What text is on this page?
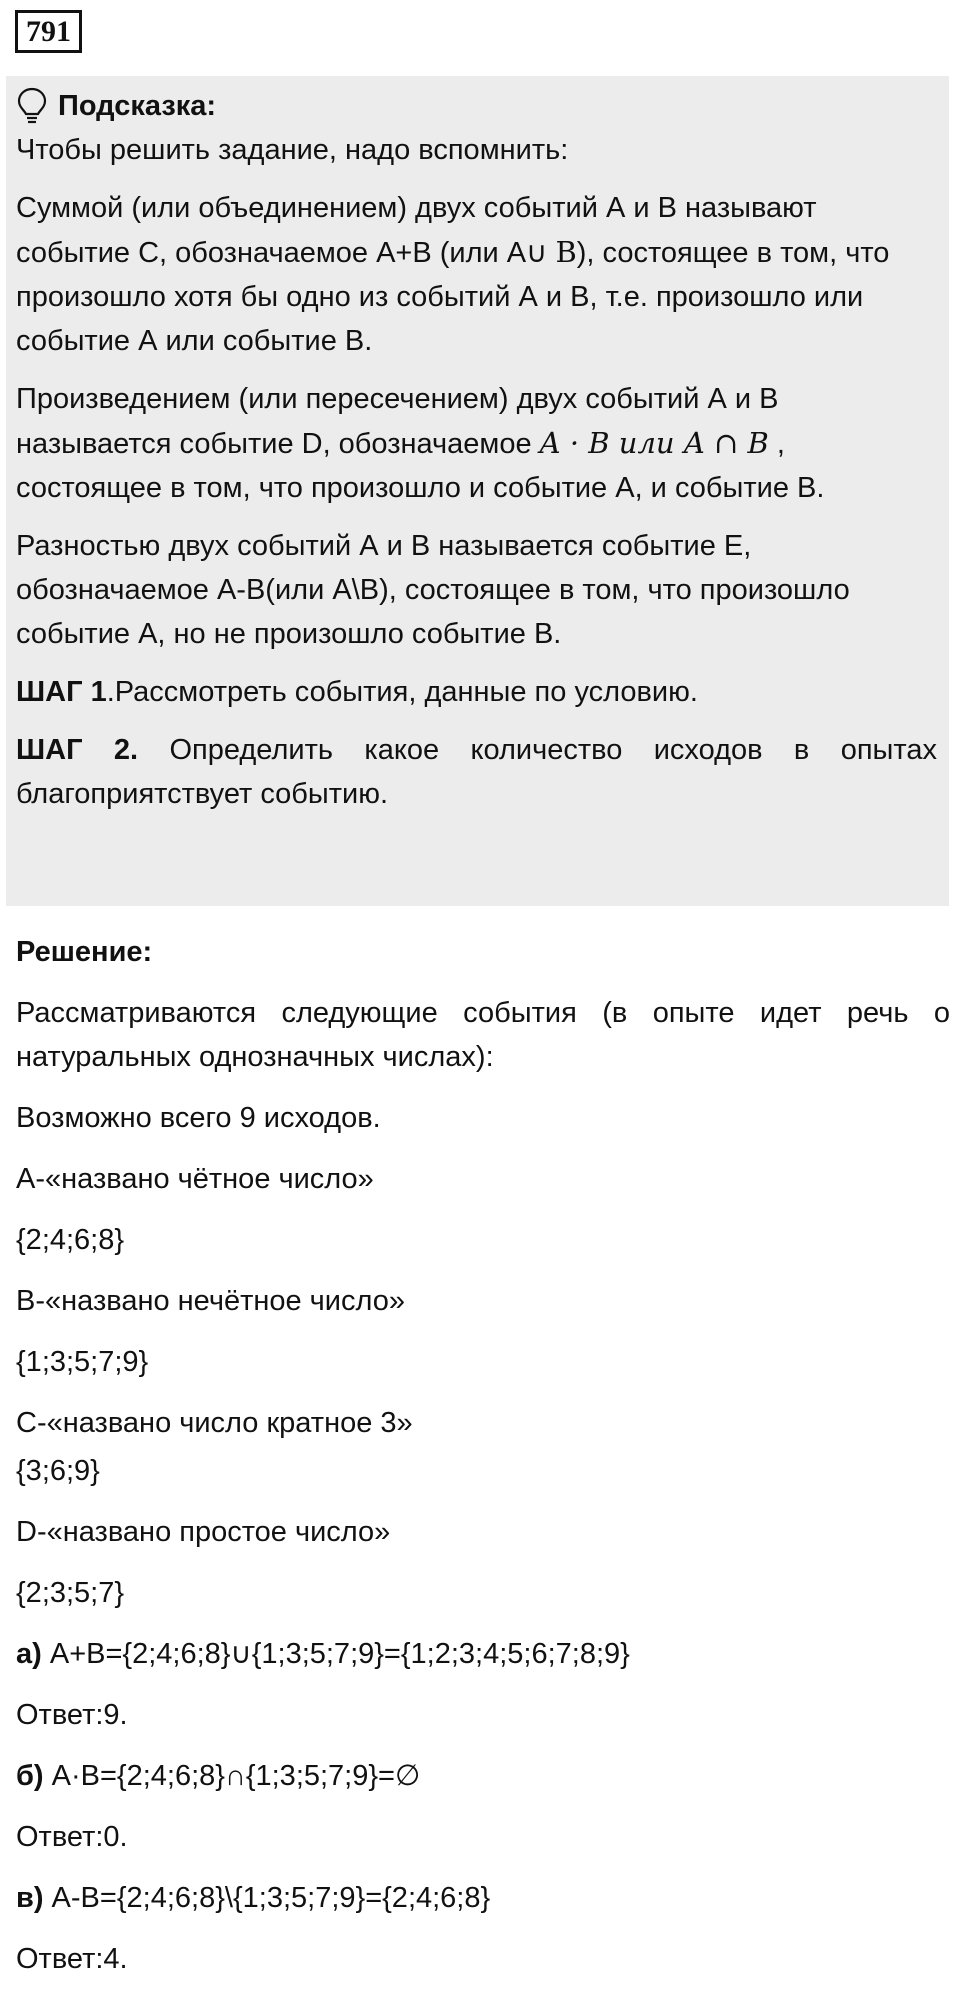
791
Подсказка:

Чтобы решить задание, надо вспомнить:

Суммой (или объединением) двух событий А и В называют событие С, обозначаемое А+В (или А∪ B), состоящее в том, что произошло хотя бы одно из событий А и В, т.е. произошло или событие А или событие В.

Произведением (или пересечением) двух событий А и В называется событие D, обозначаемое A · B или A ∩ B , состоящее в том, что произошло и событие А, и событие В.

Разностью двух событий А и В называется событие Е, обозначаемое А-В(или А\В), состоящее в том, что произошло событие А, но не произошло событие В.

ШАГ 1.Рассмотреть события, данные по условию.

ШАГ 2. Определить какое количество исходов в опытах благоприятствует событию.

Решение:

Рассматриваются следующие события (в опыте идет речь о натуральных однозначных числах):

Возможно всего 9 исходов.

А-«названо чётное число»

{2;4;6;8}

В-«названо нечётное число»

{1;3;5;7;9}

С-«названо число кратное 3»

{3;6;9}

D-«названо простое число»

{2;3;5;7}

а) А+В={2;4;6;8}∪{1;3;5;7;9}={1;2;3;4;5;6;7;8;9}

Ответ:9.

б) А·В={2;4;6;8}∩{1;3;5;7;9}=∅

Ответ:0.

в) А-В={2;4;6;8}\{1;3;5;7;9}={2;4;6;8}

Ответ:4.
